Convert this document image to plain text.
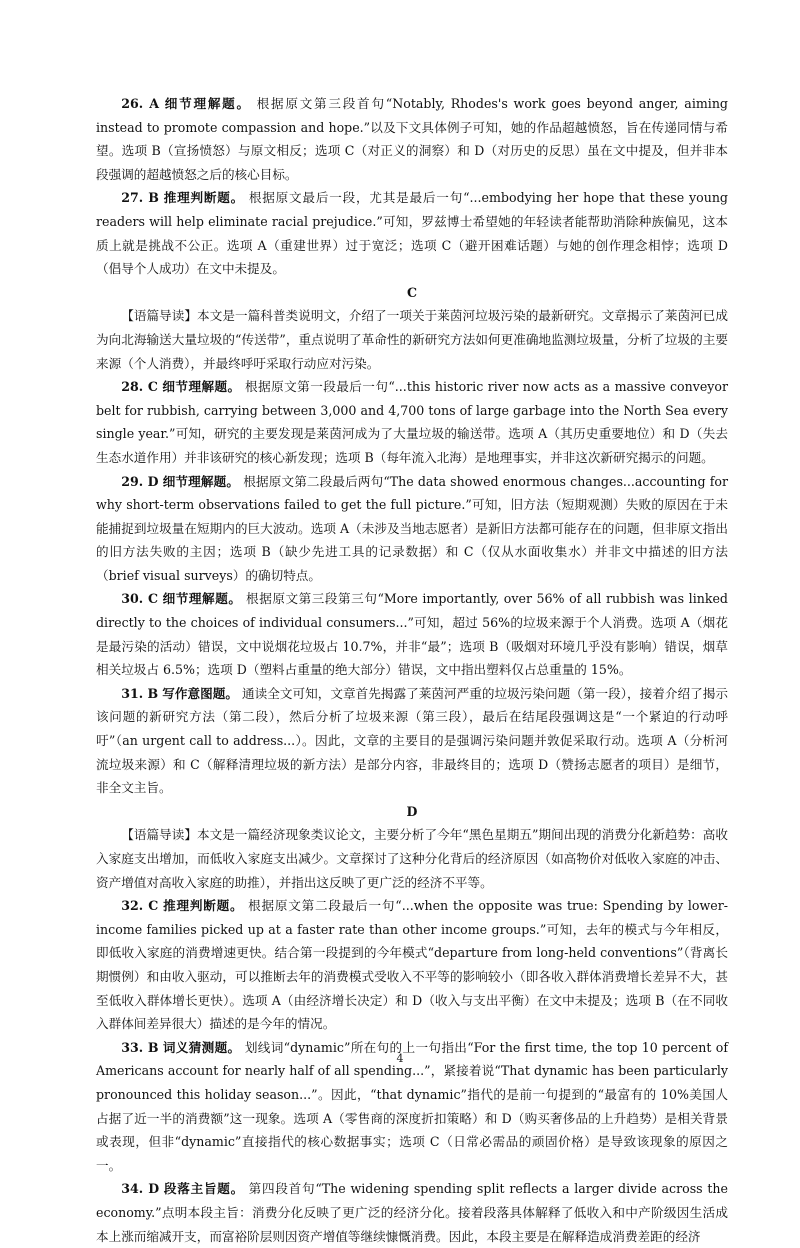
26. A 细节理解题。 根据原文第三段首句“Notably, Rhodes's work goes beyond anger, aiming instead to promote compassion and hope.”以及下文具体例子可知，她的作品超越愤怒，旨在传递同情与希望。选项 B（宣扬愤怒）与原文相反；选项 C（对正义的洞察）和 D（对历史的反思）虽在文中提及，但并非本段强调的超越愤怒之后的核心目标。
27. B 推理判断题。 根据原文最后一段，尤其是最后一句“...embodying her hope that these young readers will help eliminate racial prejudice.”可知，罗兹博士希望她的年轻读者能帮助消除种族偏见，这本质上就是挑战不公正。选项 A（重建世界）过于宽泛；选项 C（避开困难话题）与她的创作理念相悖；选项 D（倡导个人成功）在文中未提及。
C
【语篇导读】本文是一篇科普类说明文，介绍了一项关于莱茵河垃圾污染的最新研究。文章揭示了莱茵河已成为向北海输送大量垃圾的“传送带”，重点说明了革命性的新研究方法如何更准确地监测垃圾量，分析了垃圾的主要来源（个人消费），并最终呼吁采取行动应对污染。
28. C 细节理解题。 根据原文第一段最后一句“...this historic river now acts as a massive conveyor belt for rubbish, carrying between 3,000 and 4,700 tons of large garbage into the North Sea every single year.”可知，研究的主要发现是莱茵河成为了大量垃圾的输送带。选项 A（其历史重要地位）和 D（失去生态水道作用）并非该研究的核心新发现；选项 B（每年流入北海）是地理事实，并非这次新研究揭示的问题。
29. D 细节理解题。 根据原文第二段最后两句“The data showed enormous changes...accounting for why short-term observations failed to get the full picture.”可知，旧方法（短期观测）失败的原因在于未能捕捉到垃圾量在短期内的巨大波动。选项 A（未涉及当地志愿者）是新旧方法都可能存在的问题，但非原文指出的旧方法失败的主因；选项 B（缺少先进工具的记录数据）和 C（仅从水面收集水）并非文中描述的旧方法（brief visual surveys）的确切特点。
30. C 细节理解题。 根据原文第三段第三句“More importantly, over 56% of all rubbish was linked directly to the choices of individual consumers...”可知，超过 56%的垃圾来源于个人消费。选项 A（烟花是最污染的活动）错误，文中说烟花垃圾占 10.7%，并非“最”；选项 B（吸烟对环境几乎没有影响）错误，烟草相关垃圾占 6.5%；选项 D（塑料占重量的绝大部分）错误，文中指出塑料仅占总重量的 15%。
31. B 写作意图题。 通读全文可知，文章首先揭露了莱茵河严重的垃圾污染问题（第一段），接着介绍了揭示该问题的新研究方法（第二段），然后分析了垃圾来源（第三段），最后在结尾段强调这是“一个紧迫的行动呼吁”（an urgent call to address...）。因此，文章的主要目的是强调污染问题并敦促采取行动。选项 A（分析河流垃圾来源）和 C（解释清理垃圾的新方法）是部分内容，非最终目的；选项 D（赞扬志愿者的项目）是细节，非全文主旨。
D
【语篇导读】本文是一篇经济现象类议论文，主要分析了今年“黑色星期五”期间出现的消费分化新趋势：高收入家庭支出增加，而低收入家庭支出减少。文章探讨了这种分化背后的经济原因（如高物价对低收入家庭的冲击、资产增值对高收入家庭的助推），并指出这反映了更广泛的经济不平等。
32. C 推理判断题。 根据原文第二段最后一句“...when the opposite was true: Spending by lower-income families picked up at a faster rate than other income groups.”可知，去年的模式与今年相反，即低收入家庭的消费增速更快。结合第一段提到的今年模式“departure from long-held conventions”（背离长期惯例）和由收入驱动，可以推断去年的消费模式受收入不平等的影响较小（即各收入群体消费增长差异不大，甚至低收入群体增长更快）。选项 A（由经济增长决定）和 D（收入与支出平衡）在文中未提及；选项 B（在不同收入群体间差异很大）描述的是今年的情况。
33. B 词义猜测题。 划线词“dynamic”所在句的上一句指出“For the first time, the top 10 percent of Americans account for nearly half of all spending...”，紧接着说“That dynamic has been particularly pronounced this holiday season...”。因此，“that dynamic”指代的是前一句提到的“最富有的 10%美国人占据了近一半的消费额”这一现象。选项 A（零售商的深度折扣策略）和 D（购买奢侈品的上升趋势）是相关背景或表现，但非“dynamic”直接指代的核心数据事实；选项 C（日常必需品的顽固价格）是导致该现象的原因之一。
34. D 段落主旨题。 第四段首句“The widening spending split reflects a larger divide across the economy.”点明本段主旨：消费分化反映了更广泛的经济分化。接着段落具体解释了低收入和中产阶级因生活成本上涨而缩减开支，而富裕阶层则因资产增值等继续慷慨消费。因此，本段主要是在解释造成消费差距的经济
4
